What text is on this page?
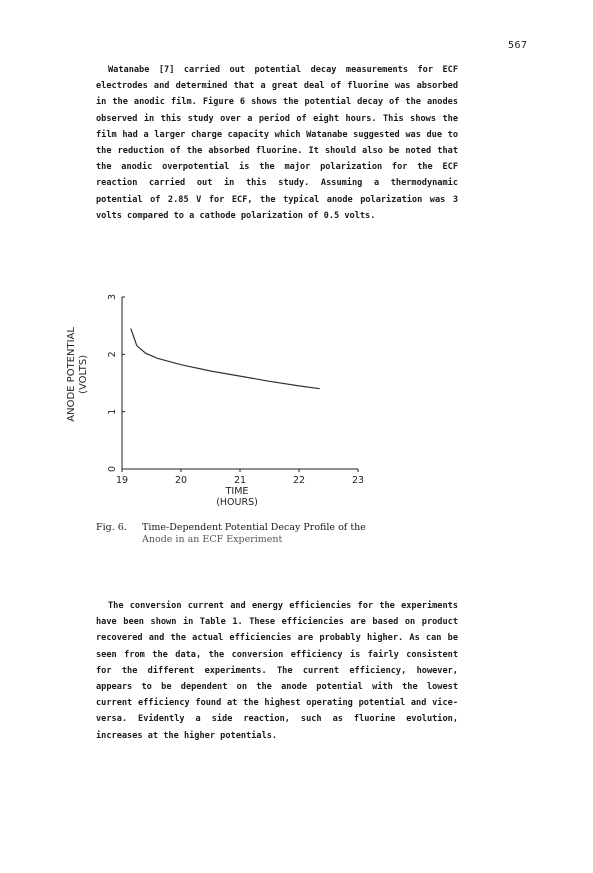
567

Watanabe [7] carried out potential decay measurements for ECF electrodes and determined that a great deal of fluorine was absorbed in the anodic film. Figure 6 shows the potential decay of the anodes observed in this study over a period of eight hours. This shows the film had a larger charge capacity which Watanabe suggested was due to the reduction of the absorbed fluorine. It should also be noted that the anodic overpotential is the major polarization for the ECF reaction carried out in this study. Assuming a thermodynamic potential of 2.85 V for ECF, the typical anode polarization was 3 volts compared to a cathode polarization of 0.5 volts.

19	20	21	22	23
0
1
2
3
TIME
(HOURS)
ANODE POTENTIAL (VOLTS)
Fig. 6. Time-Dependent Potential Decay Profile of the
Anode in an ECF Experiment

The conversion current and energy efficiencies for the experiments have been shown in Table 1. These efficiencies are based on product recovered and the actual efficiencies are probably higher. As can be seen from the data, the conversion efficiency is fairly consistent for the different experiments. The current efficiency, however, appears to be dependent on the anode potential with the lowest current efficiency found at the highest operating potential and vice-versa. Evidently a side reaction, such as fluorine evolution, increases at the higher potentials.
